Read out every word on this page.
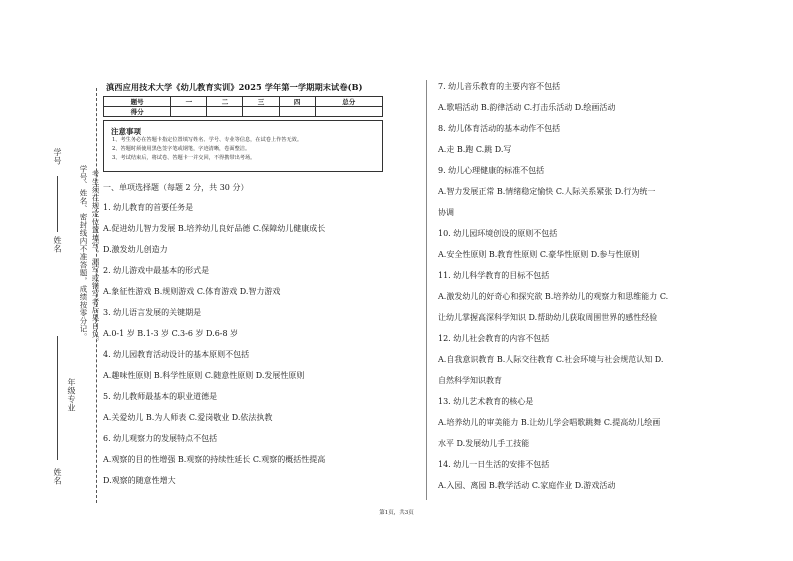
姓名
姓名
学号
年级专业
学号、姓名、密封线内不准答题，成绩按零分记。 考生须在规定位置填写，漏写或错写者后果自负。
滇西应用技术大学《幼儿教育实训》2025 学年第一学期期末试卷(B)
题号	一	二	三	四	总分
得分					
注意事项
1、考生务必在答题卡指定位置填写姓名、学号、专业等信息，在试卷上作答无效。
2、答题时须使用黑色签字笔或钢笔，字迹清晰，卷面整洁。
3、考试结束后，将试卷、答题卡一并交回，不得携带出考场。
一、单项选择题（每题 2 分，共 30 分）
1. 幼儿教育的首要任务是
A.促进幼儿智力发展 B.培养幼儿良好品德 C.保障幼儿健康成长
D.激发幼儿创造力
2. 幼儿游戏中最基本的形式是
A.象征性游戏 B.规则游戏 C.体育游戏 D.智力游戏
3. 幼儿语言发展的关键期是
A.0-1 岁 B.1-3 岁 C.3-6 岁 D.6-8 岁
4. 幼儿园教育活动设计的基本原则不包括
A.趣味性原则 B.科学性原则 C.随意性原则 D.发展性原则
5. 幼儿教师最基本的职业道德是
A.关爱幼儿 B.为人师表 C.爱岗敬业 D.依法执教
6. 幼儿观察力的发展特点不包括
A.观察的目的性增强 B.观察的持续性延长 C.观察的概括性提高
D.观察的随意性增大
7. 幼儿音乐教育的主要内容不包括
A.歌唱活动 B.韵律活动 C.打击乐活动 D.绘画活动
8. 幼儿体育活动的基本动作不包括
A.走 B.跑 C.跳 D.写
9. 幼儿心理健康的标准不包括
A.智力发展正常 B.情绪稳定愉快 C.人际关系紧张 D.行为统一
协调
10. 幼儿园环境创设的原则不包括
A.安全性原则 B.教育性原则 C.豪华性原则 D.参与性原则
11. 幼儿科学教育的目标不包括
A.激发幼儿的好奇心和探究欲 B.培养幼儿的观察力和思维能力 C.
让幼儿掌握高深科学知识 D.帮助幼儿获取周围世界的感性经验
12. 幼儿社会教育的内容不包括
A.自我意识教育 B.人际交往教育 C.社会环境与社会规范认知 D.
自然科学知识教育
13. 幼儿艺术教育的核心是
A.培养幼儿的审美能力 B.让幼儿学会唱歌跳舞 C.提高幼儿绘画
水平 D.发展幼儿手工技能
14. 幼儿一日生活的安排不包括
A.入园、离园 B.教学活动 C.家庭作业 D.游戏活动
第1页，共3页
